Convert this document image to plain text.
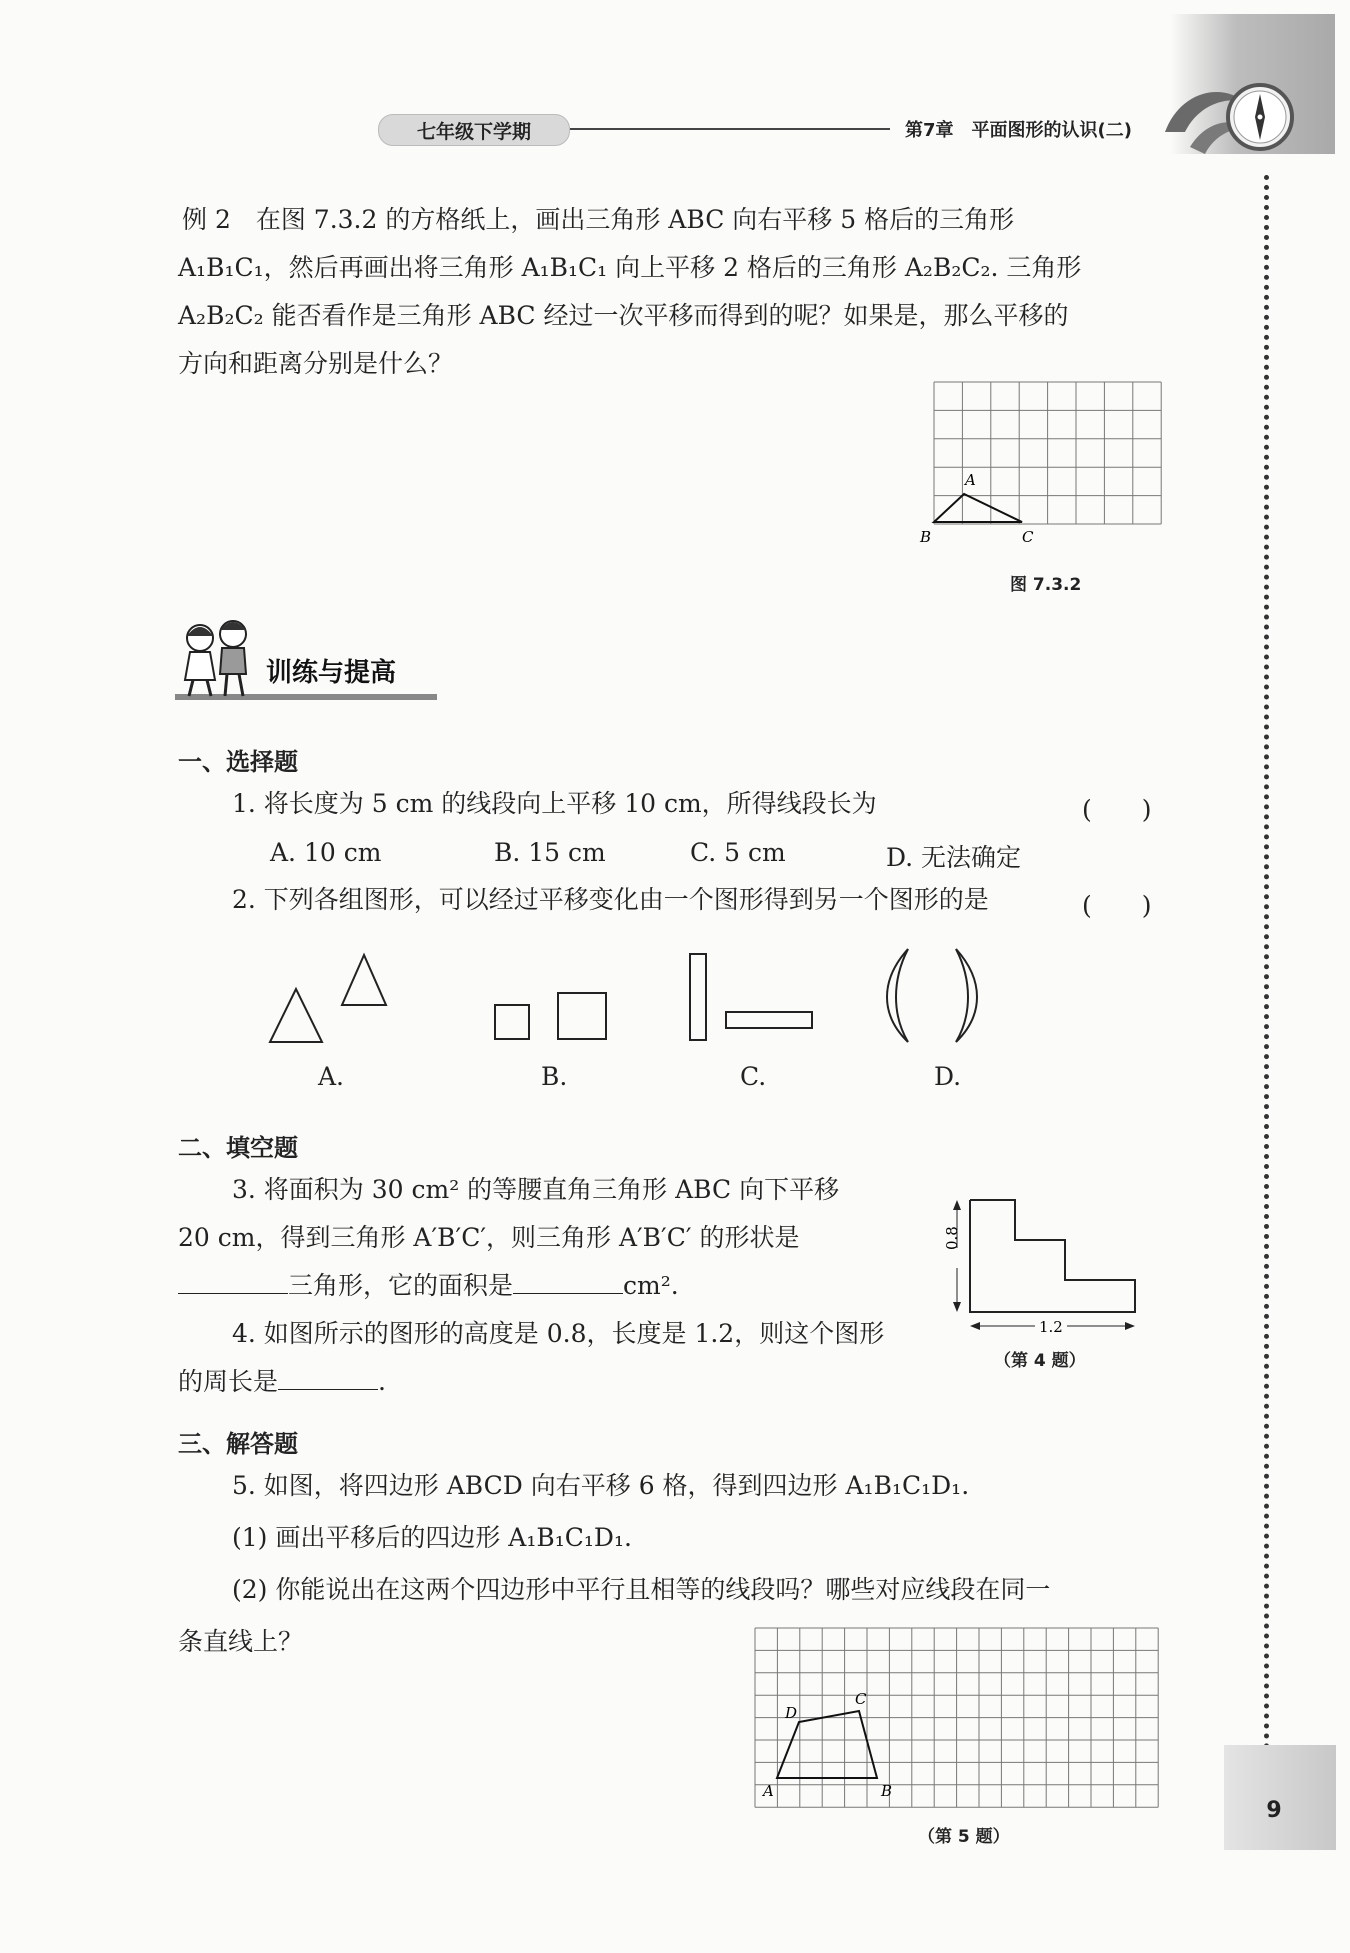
七年级下学期	第7章　平面图形的认识(二)
例 2　在图 7.3.2 的方格纸上，画出三角形 ABC 向右平移 5 格后的三角形
A₁B₁C₁，然后再画出将三角形 A₁B₁C₁ 向上平移 2 格后的三角形 A₂B₂C₂. 三角形
A₂B₂C₂ 能否看作是三角形 ABC 经过一次平移而得到的呢？如果是，那么平移的
方向和距离分别是什么？
A
B	C
图 7.3.2
训练与提高
一、选择题
1. 将长度为 5 cm 的线段向上平移 10 cm，所得线段长为	(　　)
A. 10 cm	B. 15 cm	C. 5 cm	D. 无法确定
2. 下列各组图形，可以经过平移变化由一个图形得到另一个图形的是	(　　)
A.	B.	C.	D.
二、填空题
3. 将面积为 30 cm² 的等腰直角三角形 ABC 向下平移
20 cm，得到三角形 A′B′C′，则三角形 A′B′C′ 的形状是
三角形，它的面积是	cm².
4. 如图所示的图形的高度是 0.8，长度是 1.2，则这个图形
的周长是	.
0.8
1.2
（第 4 题）
三、解答题
5. 如图，将四边形 ABCD 向右平移 6 格，得到四边形 A₁B₁C₁D₁.
(1) 画出平移后的四边形 A₁B₁C₁D₁.
(2) 你能说出在这两个四边形中平行且相等的线段吗？哪些对应线段在同一
条直线上？
A	B
C
D
（第 5 题）
9
